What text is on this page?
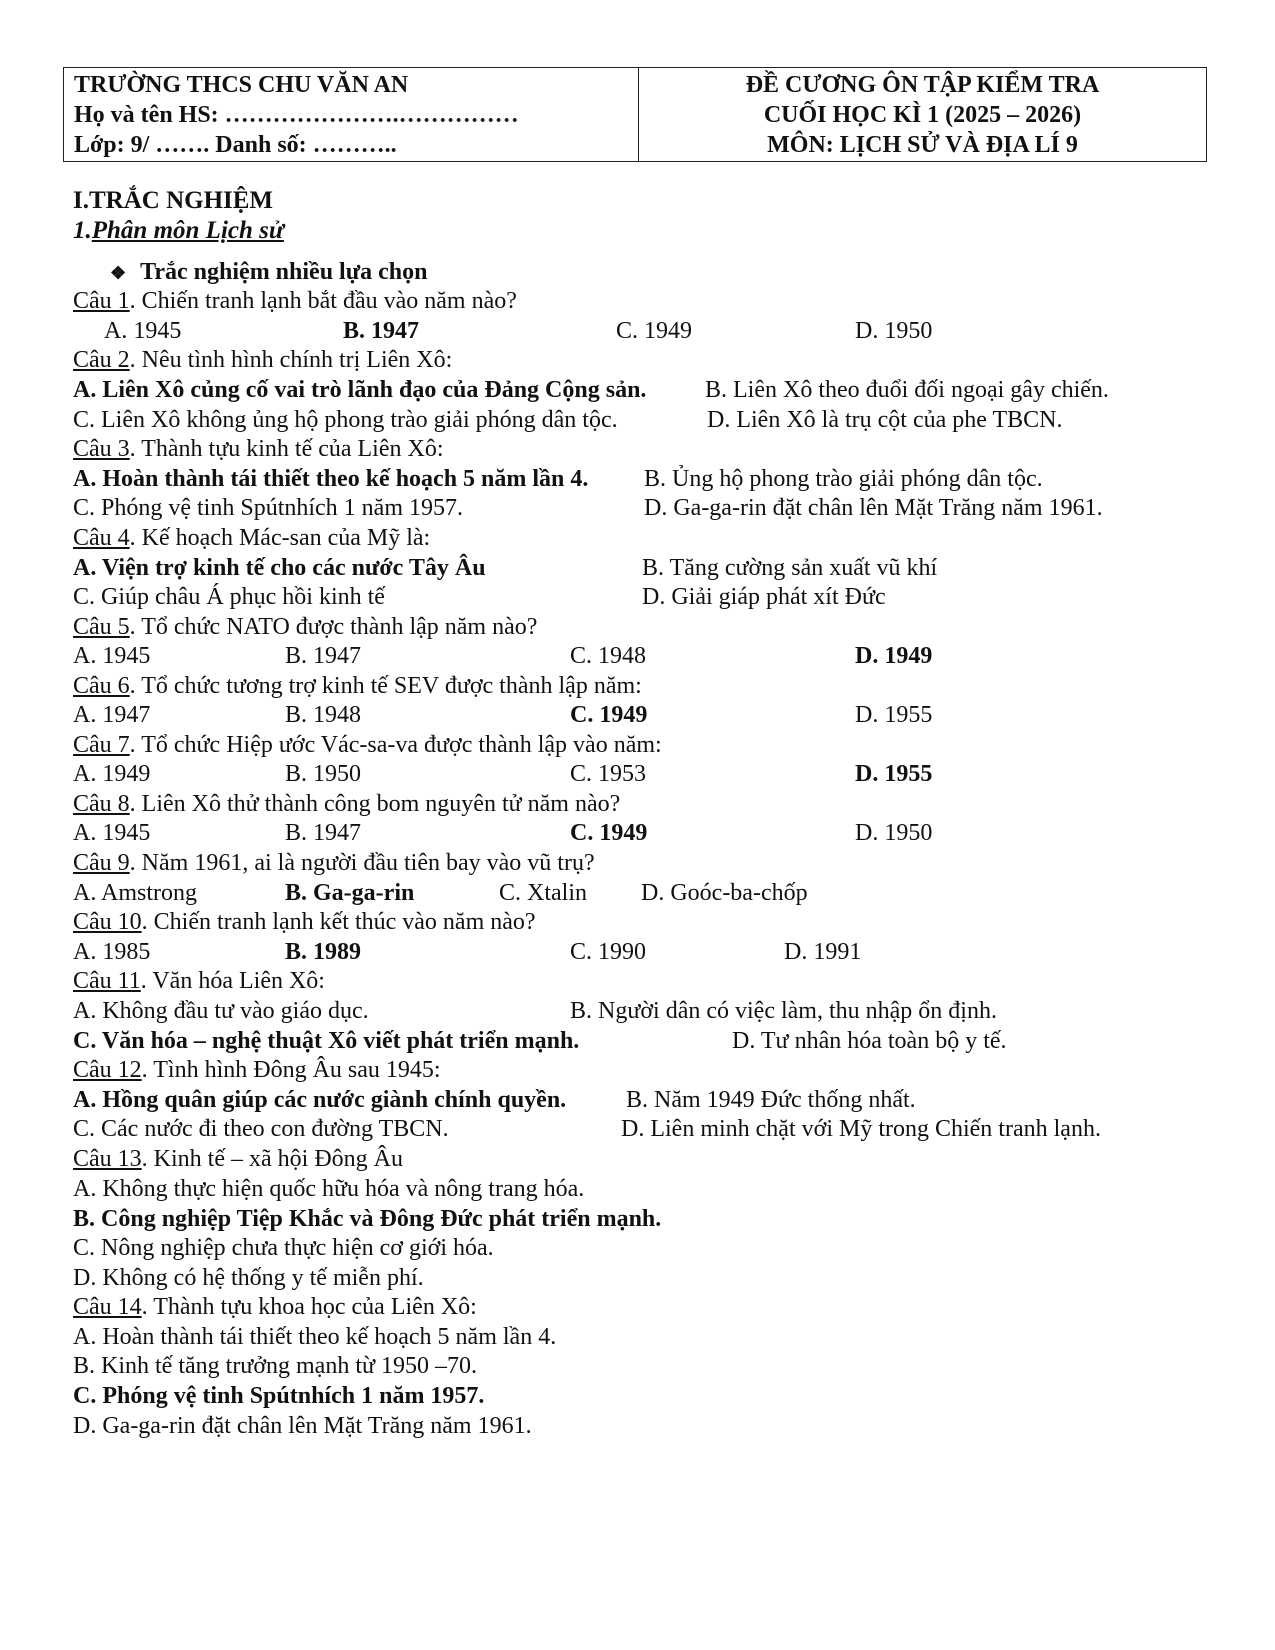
TRƯỜNG THCS CHU VĂN AN
Họ và tên HS: ………………….……………
Lớp: 9/ ……. Danh số: ………..

ĐỀ CƯƠNG ÔN TẬP KIỂM TRA
CUỐI HỌC KÌ 1 (2025 – 2026)
MÔN: LỊCH SỬ VÀ ĐỊA LÍ 9
I.TRẮC NGHIỆM
1.Phân môn Lịch sử
❖ Trắc nghiệm nhiều lựa chọn
Câu 1. Chiến tranh lạnh bắt đầu vào năm nào?
A. 1945	B. 1947	C. 1949	D. 1950
Câu 2. Nêu tình hình chính trị Liên Xô:
A. Liên Xô củng cố vai trò lãnh đạo của Đảng Cộng sản. B. Liên Xô theo đuổi đối ngoại gây chiến.
C. Liên Xô không ủng hộ phong trào giải phóng dân tộc.	D. Liên Xô là trụ cột của phe TBCN.
Câu 3. Thành tựu kinh tế của Liên Xô:
A. Hoàn thành tái thiết theo kế hoạch 5 năm lần 4. B. Ủng hộ phong trào giải phóng dân tộc.
C. Phóng vệ tinh Spútnhích 1 năm 1957.	D. Ga-ga-rin đặt chân lên Mặt Trăng năm 1961.
Câu 4. Kế hoạch Mác-san của Mỹ là:
A. Viện trợ kinh tế cho các nước Tây Âu	B. Tăng cường sản xuất vũ khí
C. Giúp châu Á phục hồi kinh tế	D. Giải giáp phát xít Đức
Câu 5. Tổ chức NATO được thành lập năm nào?
A. 1945	B. 1947	C. 1948	D. 1949
Câu 6. Tổ chức tương trợ kinh tế SEV được thành lập năm:
A. 1947	B. 1948	C. 1949	D. 1955
Câu 7. Tổ chức Hiệp ước Vác-sa-va được thành lập vào năm:
A. 1949	B. 1950	C. 1953	D. 1955
Câu 8. Liên Xô thử thành công bom nguyên tử năm nào?
A. 1945	B. 1947	C. 1949	D. 1950
Câu 9. Năm 1961, ai là người đầu tiên bay vào vũ trụ?
A. Amstrong	B. Ga-ga-rin	C. Xtalin D. Goóc-ba-chốp
Câu 10. Chiến tranh lạnh kết thúc vào năm nào?
A. 1985	B. 1989	C. 1990	D. 1991
Câu 11. Văn hóa Liên Xô:
A. Không đầu tư vào giáo dục.	B. Người dân có việc làm, thu nhập ổn định.
C. Văn hóa – nghệ thuật Xô viết phát triển mạnh.	D. Tư nhân hóa toàn bộ y tế.
Câu 12. Tình hình Đông Âu sau 1945:
A. Hồng quân giúp các nước giành chính quyền. B. Năm 1949 Đức thống nhất.
C. Các nước đi theo con đường TBCN.	D. Liên minh chặt với Mỹ trong Chiến tranh lạnh.
Câu 13. Kinh tế – xã hội Đông Âu
A. Không thực hiện quốc hữu hóa và nông trang hóa.
B. Công nghiệp Tiệp Khắc và Đông Đức phát triển mạnh.
C. Nông nghiệp chưa thực hiện cơ giới hóa.
D. Không có hệ thống y tế miễn phí.
Câu 14. Thành tựu khoa học của Liên Xô:
A. Hoàn thành tái thiết theo kế hoạch 5 năm lần 4.
B. Kinh tế tăng trưởng mạnh từ 1950 –70.
C. Phóng vệ tinh Spútnhích 1 năm 1957.
D. Ga-ga-rin đặt chân lên Mặt Trăng năm 1961.
